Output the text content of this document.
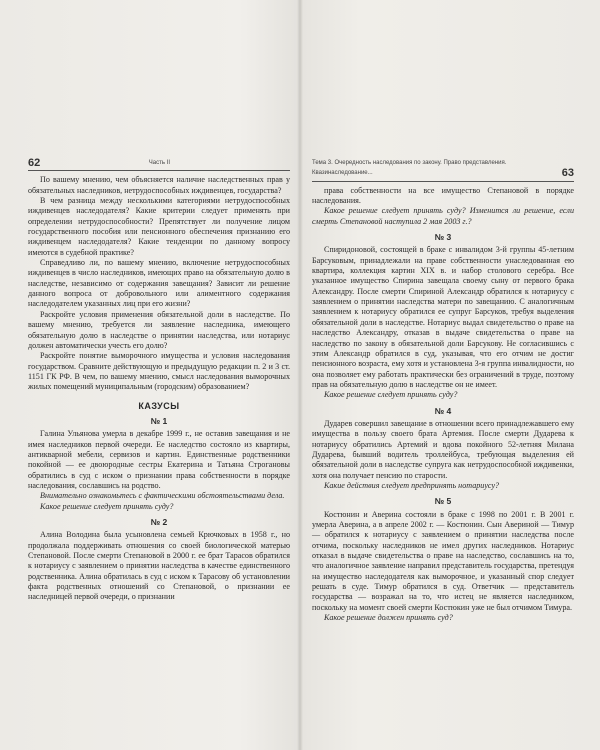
62	Часть II

По вашему мнению, чем объясняется наличие наследственных прав у обязательных наследников, нетрудоспособных иждивенцев, государства?

В чем разница между несколькими категориями нетрудоспособных иждивенцев наследодателя? Какие критерии следует применять при определении нетрудоспособности? Препятствует ли получение лицом государственного пособия или пенсионного обеспечения признанию его иждивенцем наследодателя? Какие тенденции по данному вопросу имеются в судебной практике?

Справедливо ли, по вашему мнению, включение нетрудоспособных иждивенцев в число наследников, имеющих право на обязательную долю в наследстве, независимо от содержания завещания? Зависит ли решение данного вопроса от добровольного или алиментного содержания наследодателем указанных лиц при его жизни?

Раскройте условия применения обязательной доли в наследстве. По вашему мнению, требуется ли заявление наследника, имеющего обязательную долю в наследстве о принятии наследства, или нотариус должен автоматически учесть его долю?

Раскройте понятие выморочного имущества и условия наследования государством. Сравните действующую и предыдущую редакции п. 2 и 3 ст. 1151 ГК РФ. В чем, по вашему мнению, смысл наследования выморочных жилых помещений муниципальным (городским) образованием?

КАЗУСЫ
№ 1

Галина Ульянова умерла в декабре 1999 г., не оставив завещания и не имея наследников первой очереди. Ее наследство состояло из квартиры, антикварной мебели, сервизов и картин. Единственные родственники покойной — ее двоюродные сестры Екатерина и Татьяна Строгановы обратились в суд с иском о признании права собственности в порядке наследования, сославшись на родство.

Внимательно ознакомьтесь с фактическими обстоятельствами дела.

Какое решение следует принять суду?

№ 2

Алина Володина была усыновлена семьей Крючковых в 1958 г., но продолжала поддерживать отношения со своей биологической матерью Степановой. После смерти Степановой в 2000 г. ее брат Тарасов обратился к нотариусу с заявлением о принятии наследства в качестве единственного родственника. Алина обратилась в суд с иском к Тарасову об установлении факта родственных отношений со Степановой, о признании ее наследницей первой очереди, о признании

Тема 3. Очередность наследования по закону. Право представления. Квазинаследование...	63

права собственности на все имущество Степановой в порядке наследования.

Какое решение следует принять суду? Изменится ли решение, если смерть Степановой наступила 2 мая 2003 г.?

№ 3

Спиридоновой, состоящей в браке с инвалидом 3-й группы 45-летним Барсуковым, принадлежали на праве собственности унаследованная ею квартира, коллекция картин XIX в. и набор столового серебра. Все указанное имущество Спирина завещала своему сыну от первого брака Александру. После смерти Спириной Александр обратился к нотариусу с заявлением о принятии наследства матери по завещанию. С аналогичным заявлением к нотариусу обратился ее супруг Барсуков, требуя выделения обязательной доли в наследстве. Нотариус выдал свидетельство о праве на наследство Александру, отказав в выдаче свидетельства о праве на наследство по закону в обязательной доли Барсукову. Не согласившись с этим Александр обратился в суд, указывая, что его отчим не достиг пенсионного возраста, ему хотя и установлена 3-я группа инвалидности, но она позволяет ему работать практически без ограничений в труде, поэтому прав на обязательную долю в наследстве он не имеет.

Какое решение следует принять суду?

№ 4

Дударев совершил завещание в отношении всего принадлежавшего ему имущества в пользу своего брата Артемия. После смерти Дударева к нотариусу обратились Артемий и вдова покойного 52-летняя Милана Дударева, бывший водитель троллейбуса, требующая выделения ей обязательной доли в наследстве супруга как нетрудоспособной иждивенки, хотя она получает пенсию по старости.

Какие действия следует предпринять нотариусу?

№ 5

Костюнин и Аверина состояли в браке с 1998 по 2001 г. В 2001 г. умерла Аверина, а в апреле 2002 г. — Костюнин. Сын Авериной — Тимур — обратился к нотариусу с заявлением о принятии наследства после отчима, поскольку наследников не имел других наследников. Нотариус отказал в выдаче свидетельства о праве на наследство, сославшись на то, что аналогичное заявление направил представитель государства, претендуя на имущество наследодателя как выморочное, и указанный спор следует решать в суде. Тимур обратился в суд. Ответчик — представитель государства — возражал на то, что истец не является наследником, поскольку на момент своей смерти Костюкин уже не был отчимом Тимура.

Какое решение должен принять суд?
